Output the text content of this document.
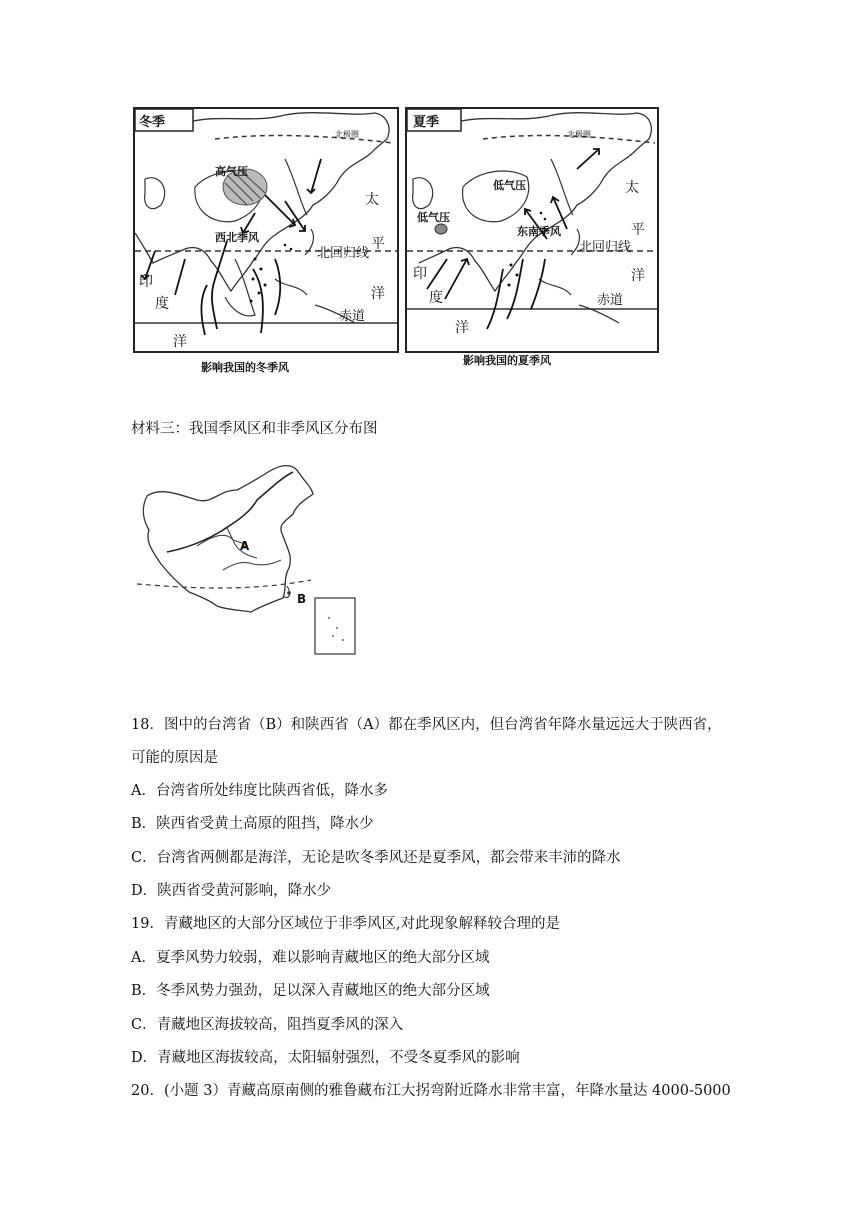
冬季
高气压
西北季风
北极圈
北回归线
赤道
太
平
洋
印
度
洋
影响我国的冬季风
夏季
低气压
低气压
东南季风
北极圈
北回归线
赤道
太
平
洋
印
度
洋
影响我国的夏季风
材料三：我国季风区和非季风区分布图
A
B
18．图中的台湾省（B）和陕西省（A）都在季风区内，但台湾省年降水量远远大于陕西省，
可能的原因是
A．台湾省所处纬度比陕西省低，降水多
B．陕西省受黄土高原的阻挡，降水少
C．台湾省两侧都是海洋，无论是吹冬季风还是夏季风，都会带来丰沛的降水
D．陕西省受黄河影响，降水少
19．青藏地区的大部分区域位于非季风区,对此现象解释较合理的是
A．夏季风势力较弱，难以影响青藏地区的绝大部分区域
B．冬季风势力强劲，足以深入青藏地区的绝大部分区域
C．青藏地区海拔较高，阻挡夏季风的深入
D．青藏地区海拔较高，太阳辐射强烈，不受冬夏季风的影响
20．(小题 3）青藏高原南侧的雅鲁藏布江大拐弯附近降水非常丰富，年降水量达 4000-5000
